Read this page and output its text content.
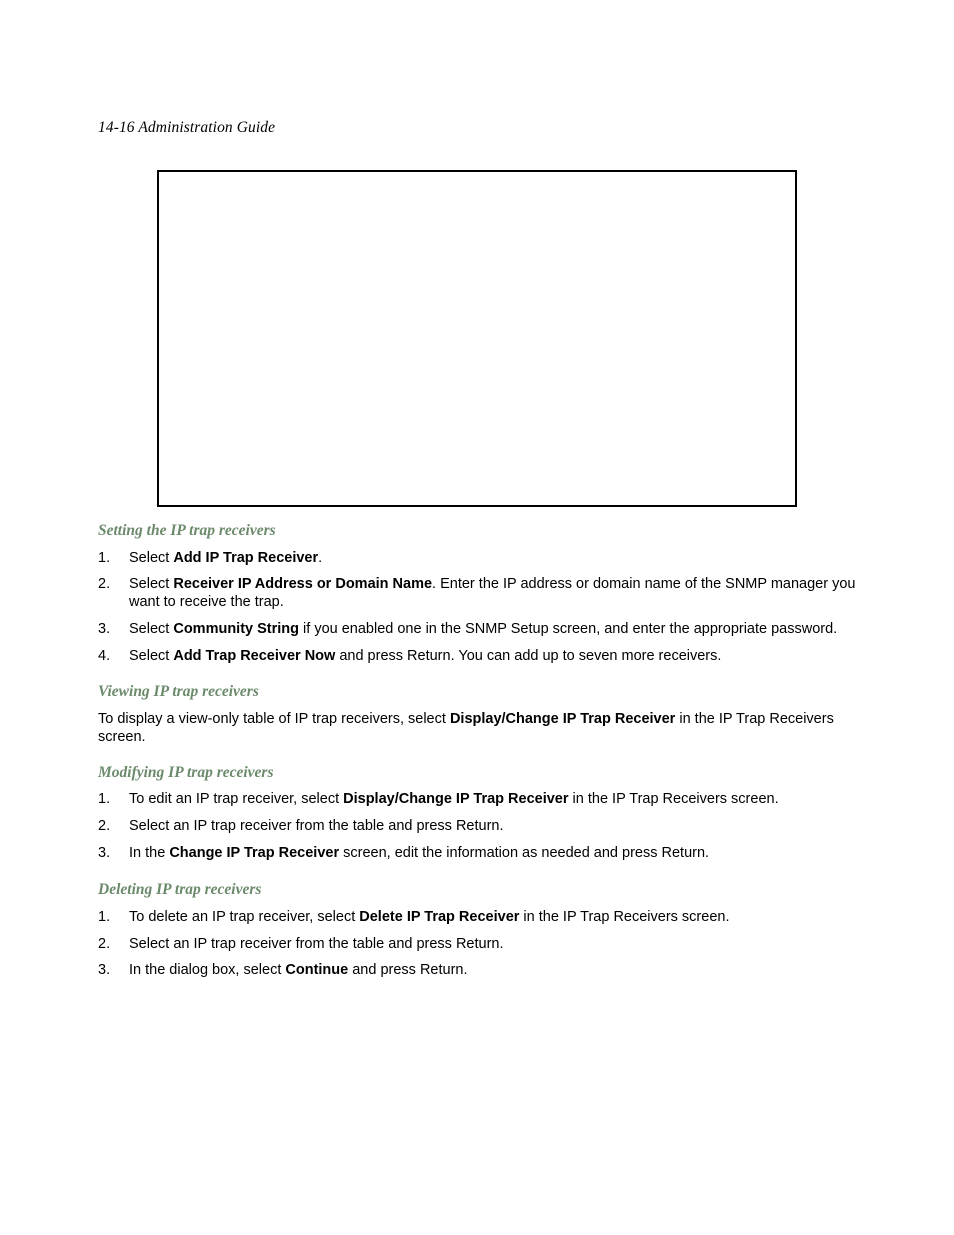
14-16 Administration Guide
Setting the IP trap receivers
1. Select Add IP Trap Receiver.
2. Select Receiver IP Address or Domain Name. Enter the IP address or domain name of the SNMP manager you want to receive the trap.
3. Select Community String if you enabled one in the SNMP Setup screen, and enter the appropriate password.
4. Select Add Trap Receiver Now and press Return. You can add up to seven more receivers.
Viewing IP trap receivers

To display a view-only table of IP trap receivers, select Display/Change IP Trap Receiver in the IP Trap Receivers screen.

Modifying IP trap receivers
1. To edit an IP trap receiver, select Display/Change IP Trap Receiver in the IP Trap Receivers screen.
2. Select an IP trap receiver from the table and press Return.
3. In the Change IP Trap Receiver screen, edit the information as needed and press Return.
Deleting IP trap receivers
1. To delete an IP trap receiver, select Delete IP Trap Receiver in the IP Trap Receivers screen.
2. Select an IP trap receiver from the table and press Return.
3. In the dialog box, select Continue and press Return.
